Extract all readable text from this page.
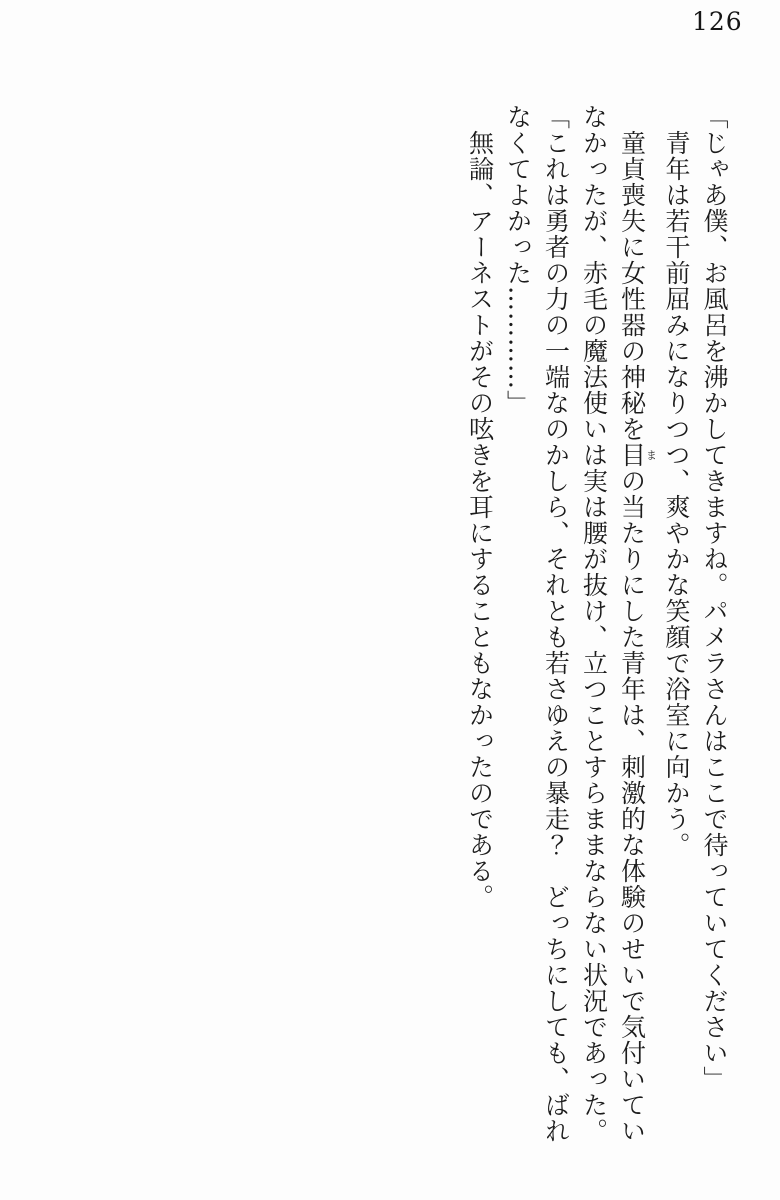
126
「じゃあ僕、お風呂を沸かしてきますね。パメラさんはここで待っていてください」
青年は若干前屈みになりつつ、爽やかな笑顔で浴室に向かう。
童貞喪失に女性器の神秘を目まの当たりにした青年は、刺激的な体験のせいで気付いてい
なかったが、赤毛の魔法使いは実は腰が抜け、立つことすらままならない状況であった。
「これは勇者の力の一端なのかしら、それとも若さゆえの暴走？　どっちにしても、ばれ
なくてよかった…………」
無論、アーネストがその呟きを耳にすることもなかったのである。
